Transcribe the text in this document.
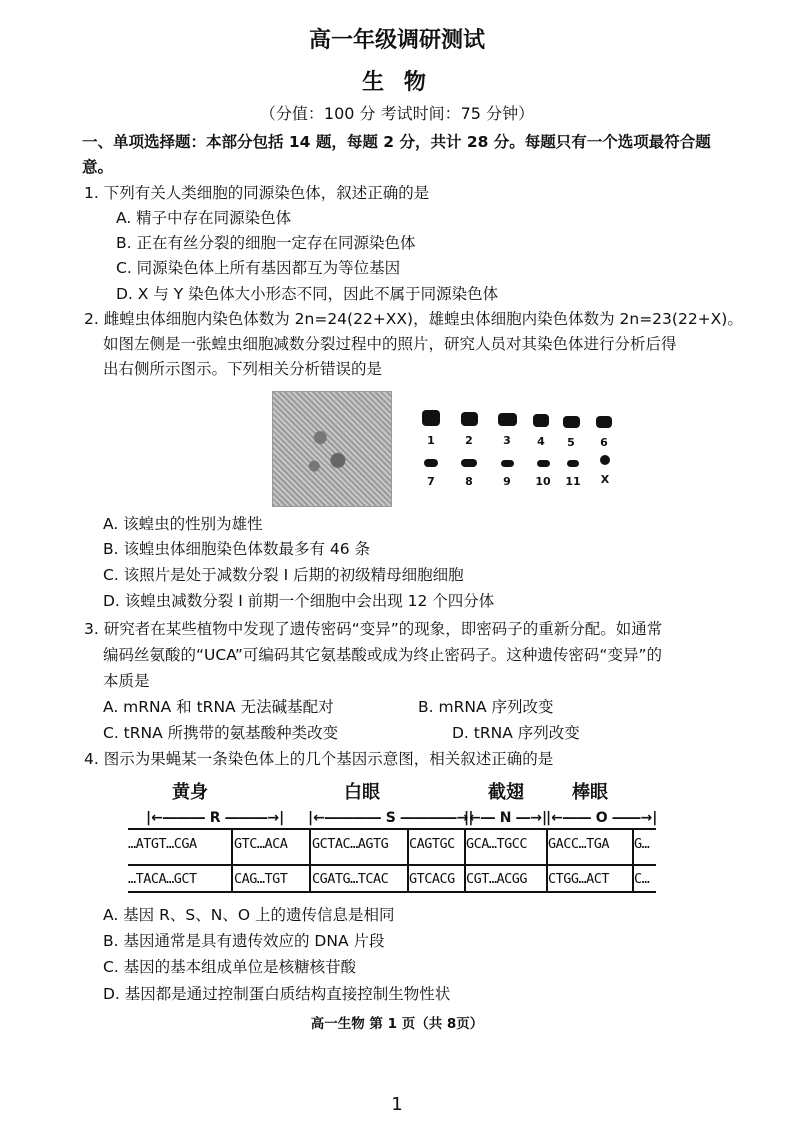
高一年级调研测试
生 物
（分值：100 分 考试时间：75 分钟）
一、单项选择题：本部分包括 14 题，每题 2 分，共计 28 分。每题只有一个选项最符合题
意。
1. 下列有关人类细胞的同源染色体，叙述正确的是
A. 精子中存在同源染色体
B. 正在有丝分裂的细胞一定存在同源染色体
C. 同源染色体上所有基因都互为等位基因
D. X 与 Y 染色体大小形态不同，因此不属于同源染色体
2. 雌蝗虫体细胞内染色体数为 2n=24(22+XX)，雄蝗虫体细胞内染色体数为 2n=23(22+X)。
如图左侧是一张蝗虫细胞减数分裂过程中的照片，研究人员对其染色体进行分析后得
出右侧所示图示。下列相关分析错误的是
1	2	3	4	5	6
7	8	9	10	11	X
A. 该蝗虫的性别为雄性
B. 该蝗虫体细胞染色体数最多有 46 条
C. 该照片是处于减数分裂 I 后期的初级精母细胞细胞
D. 该蝗虫减数分裂 I 前期一个细胞中会出现 12 个四分体
3. 研究者在某些植物中发现了遗传密码“变异”的现象，即密码子的重新分配。如通常
编码丝氨酸的“UCA”可编码其它氨基酸或成为终止密码子。这种遗传密码“变异”的
本质是
A. mRNA 和 tRNA 无法碱基配对	B. mRNA 序列改变
C. tRNA 所携带的氨基酸种类改变	D. tRNA 序列改变
4. 图示为果蝇某一条染色体上的几个基因示意图，相关叙述正确的是
黄身	白眼	截翅	棒眼
|←――― R ―――→| |←―――― S ――――→|
|←― N ―→|
|←―― O ――→|
…ATGT…CGA	GTC…ACA GCTAC…AGTG CAGTGC GCA…TGCC GACC…TGA G…
…TACA…GCT	CAG…TGT CGATG…TCAC GTCACG CGT…ACGG CTGG…ACT C…
A. 基因 R、S、N、O 上的遗传信息是相同
B. 基因通常是具有遗传效应的 DNA 片段
C. 基因的基本组成单位是核糖核苷酸
D. 基因都是通过控制蛋白质结构直接控制生物性状
高一生物 第 1 页（共 8页）
1
